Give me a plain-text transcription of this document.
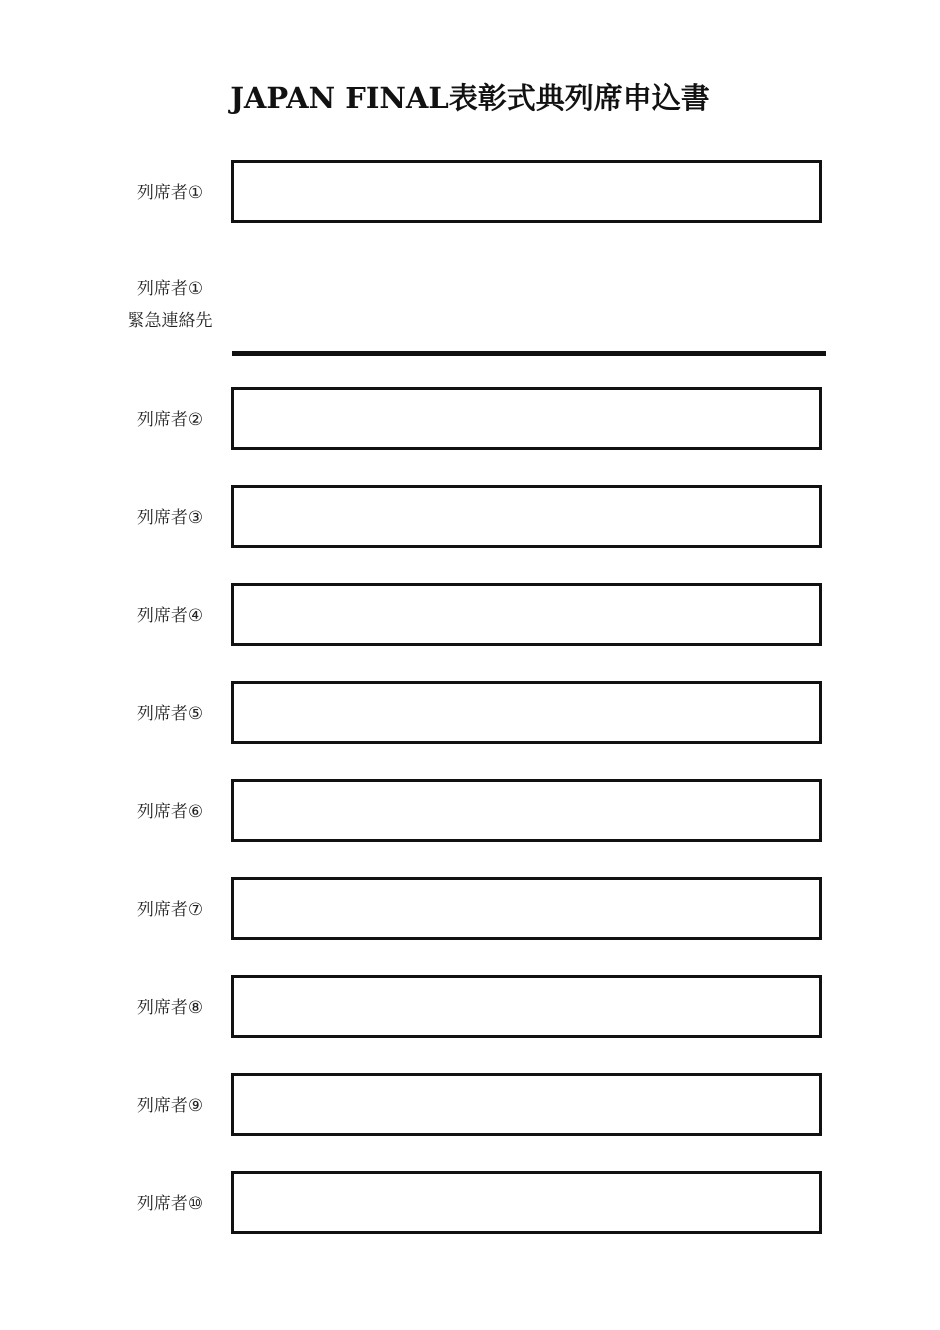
JAPAN FINAL表彰式典列席申込書
列席者①
列席者①
緊急連絡先
列席者②
列席者③
列席者④
列席者⑤
列席者⑥
列席者⑦
列席者⑧
列席者⑨
列席者⑩
